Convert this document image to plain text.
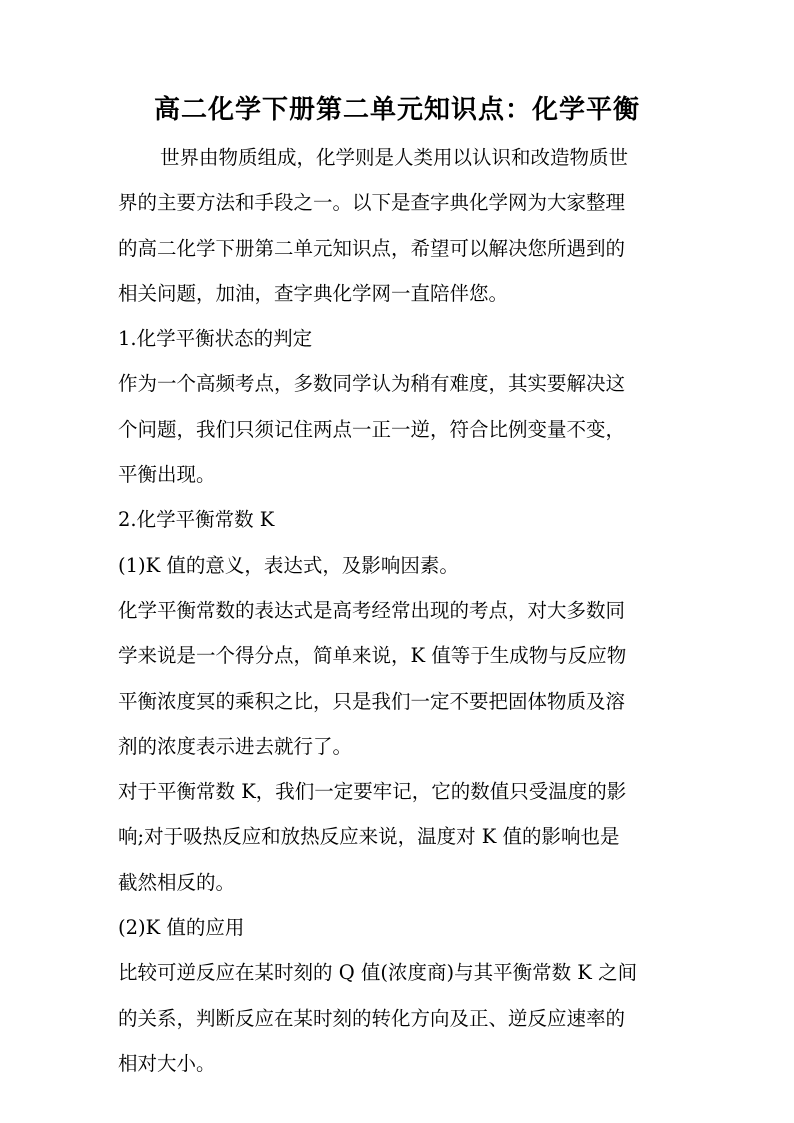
高二化学下册第二单元知识点：化学平衡
世界由物质组成，化学则是人类用以认识和改造物质世
界的主要方法和手段之一。以下是查字典化学网为大家整理
的高二化学下册第二单元知识点，希望可以解决您所遇到的
相关问题，加油，查字典化学网一直陪伴您。
1.化学平衡状态的判定
作为一个高频考点，多数同学认为稍有难度，其实要解决这
个问题，我们只须记住两点一正一逆，符合比例变量不变，
平衡出现。
2.化学平衡常数 K
(1)K 值的意义，表达式，及影响因素。
化学平衡常数的表达式是高考经常出现的考点，对大多数同
学来说是一个得分点，简单来说，K 值等于生成物与反应物
平衡浓度冥的乘积之比，只是我们一定不要把固体物质及溶
剂的浓度表示进去就行了。
对于平衡常数 K，我们一定要牢记，它的数值只受温度的影
响;对于吸热反应和放热反应来说，温度对 K 值的影响也是
截然相反的。
(2)K 值的应用
比较可逆反应在某时刻的 Q 值(浓度商)与其平衡常数 K 之间
的关系，判断反应在某时刻的转化方向及正、逆反应速率的
相对大小。
